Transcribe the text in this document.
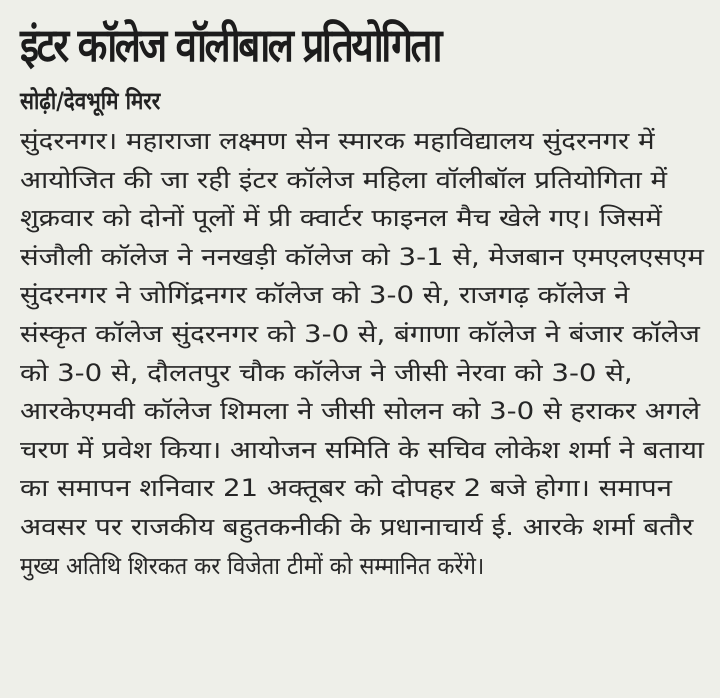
इंटर कॉलेज वॉलीबाल प्रतियोगिता
सोढ़ी/देवभूमि मिरर
सुंदरनगर। महाराजा लक्ष्मण सेन स्मारक महाविद्यालय सुंदरनगर में
आयोजित की जा रही इंटर कॉलेज महिला वॉलीबॉल प्रतियोगिता में
शुक्रवार को दोनों पूलों में प्री क्वार्टर फाइनल मैच खेले गए। जिसमें
संजौली कॉलेज ने ननखड़ी कॉलेज को 3-1 से, मेजबान एमएलएसएम
सुंदरनगर ने जोगिंद्रनगर कॉलेज को 3-0 से, राजगढ़ कॉलेज ने
संस्कृत कॉलेज सुंदरनगर को 3-0 से, बंगाणा कॉलेज ने बंजार कॉलेज
को 3-0 से, दौलतपुर चौक कॉलेज ने जीसी नेरवा को 3-0 से,
आरकेएमवी कॉलेज शिमला ने जीसी सोलन को 3-0 से हराकर अगले
चरण में प्रवेश किया। आयोजन समिति के सचिव लोकेश शर्मा ने बताया
का समापन शनिवार 21 अक्तूबर को दोपहर 2 बजे होगा। समापन
अवसर पर राजकीय बहुतकनीकी के प्रधानाचार्य ई. आरके शर्मा बतौर
मुख्य अतिथि शिरकत कर विजेता टीमों को सम्मानित करेंगे।
